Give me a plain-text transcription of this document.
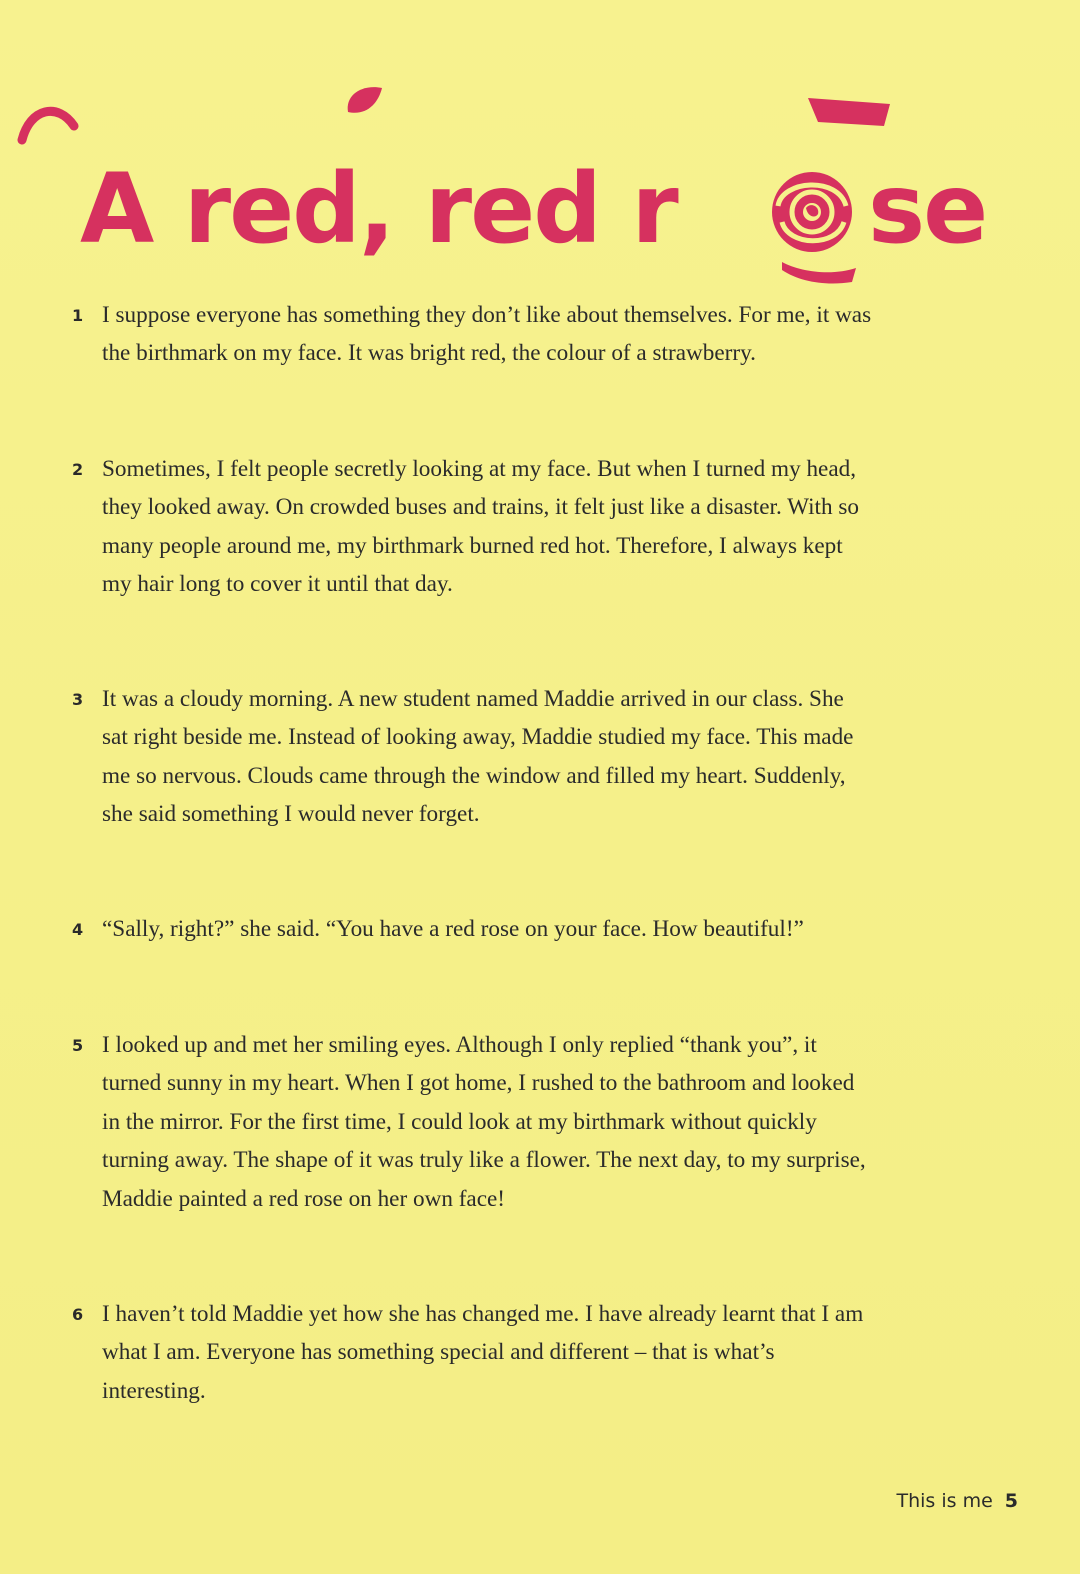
A red, red r se
1 I suppose everyone has something they don’t like about themselves. For me, it was the birthmark on my face. It was bright red, the colour of a strawberry.

2 Sometimes, I felt people secretly looking at my face. But when I turned my head, they looked away. On crowded buses and trains, it felt just like a disaster. With so many people around me, my birthmark burned red hot. Therefore, I always kept my hair long to cover it until that day.

3 It was a cloudy morning. A new student named Maddie arrived in our class. She sat right beside me. Instead of looking away, Maddie studied my face. This made me so nervous. Clouds came through the window and filled my heart. Suddenly, she said something I would never forget.

4 “Sally, right?” she said. “You have a red rose on your face. How beautiful!”

5 I looked up and met her smiling eyes. Although I only replied “thank you”, it turned sunny in my heart. When I got home, I rushed to the bathroom and looked in the mirror. For the first time, I could look at my birthmark without quickly turning away. The shape of it was truly like a flower. The next day, to my surprise, Maddie painted a red rose on her own face!

6 I haven’t told Maddie yet how she has changed me. I have already learnt that I am what I am. Everyone has something special and different – that is what’s interesting.

This is me 5
